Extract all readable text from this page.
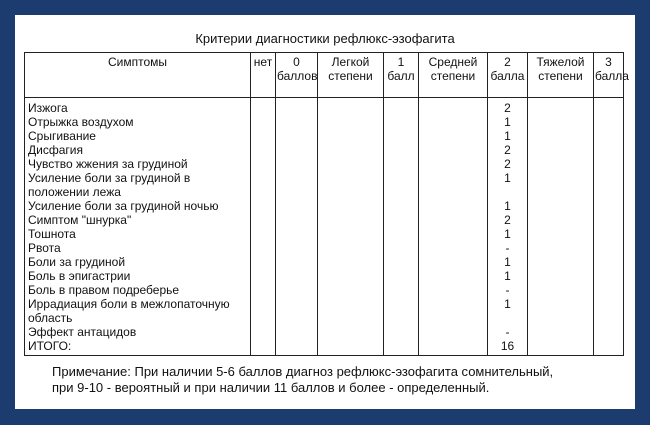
Критерии диагностики рефлюкс-эзофагита
Симптомы	нет	0 баллов	Легкой степени	1 балл	Средней степени	2 балла	Тяжелой степени	3 балла
Изжога						2		
Отрыжка воздухом						1		
Срыгивание						1		
Дисфагия						2		
Чувство жжения за грудиной						2		
Усиление боли за грудиной в положении лежа						1		
Усиление боли за грудиной ночью						1		
Симптом "шнурка"						2		
Тошнота						1		
Рвота						-		
Боли за грудиной						1		
Боль в эпигастрии						1		
Боль в правом подреберье						-		
Иррадиация боли в межлопаточную область						1		
Эффект антацидов						-		
ИТОГО:						16		
Примечание: При наличии 5-6 баллов диагноз рефлюкс-эзофагита сомнительный,
при 9-10 - вероятный и при наличии 11 баллов и более - определенный.
